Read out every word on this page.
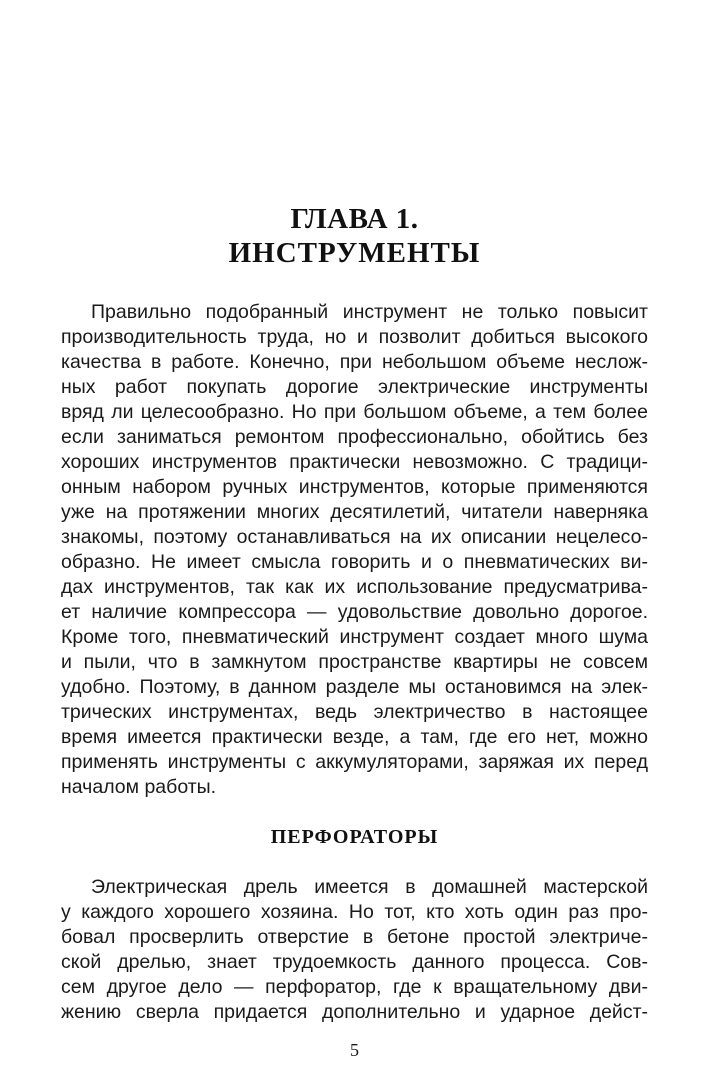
ГЛАВА 1.
ИНСТРУМЕНТЫ
Правильно подобранный инструмент не только повысит
производительность труда, но и позволит добиться высокого
качества в работе. Конечно, при небольшом объеме неслож-
ных работ покупать дорогие электрические инструменты
вряд ли целесообразно. Но при большом объеме, а тем более
если заниматься ремонтом профессионально, обойтись без
хороших инструментов практически невозможно. С традици-
онным набором ручных инструментов, которые применяются
уже на протяжении многих десятилетий, читатели наверняка
знакомы, поэтому останавливаться на их описании нецелесо-
образно. Не имеет смысла говорить и о пневматических ви-
дах инструментов, так как их использование предусматрива-
ет наличие компрессора — удовольствие довольно дорогое.
Кроме того, пневматический инструмент создает много шума
и пыли, что в замкнутом пространстве квартиры не совсем
удобно. Поэтому, в данном разделе мы остановимся на элек-
трических инструментах, ведь электричество в настоящее
время имеется практически везде, а там, где его нет, можно
применять инструменты с аккумуляторами, заряжая их перед
началом работы.
ПЕРФОРАТОРЫ
Электрическая дрель имеется в домашней мастерской
у каждого хорошего хозяина. Но тот, кто хоть один раз про-
бовал просверлить отверстие в бетоне простой электриче-
ской дрелью, знает трудоемкость данного процесса. Сов-
сем другое дело — перфоратор, где к вращательному дви-
жению сверла придается дополнительно и ударное дейст-
5
